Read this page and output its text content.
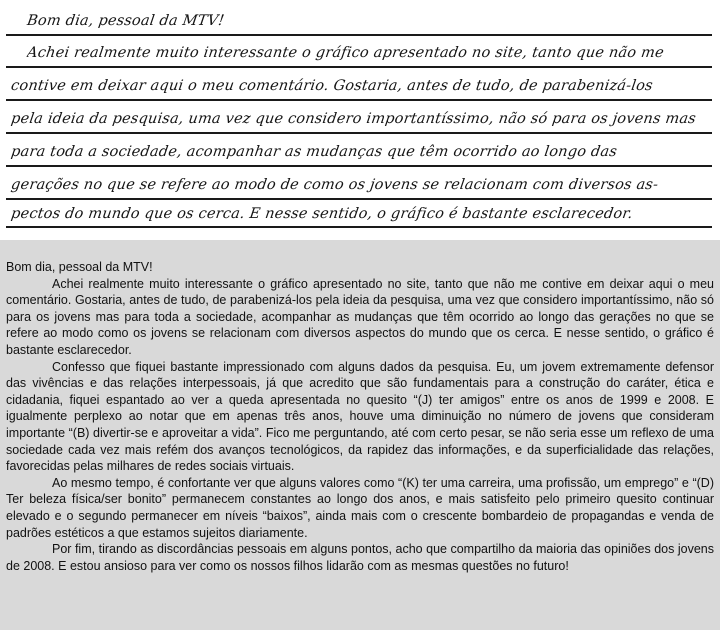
Bom dia, pessoal da MTV!
Achei realmente muito interessante o gráfico apresentado no site, tanto que não me
contive em deixar aqui o meu comentário. Gostaria, antes de tudo, de parabenizá-los
pela ideia da pesquisa, uma vez que considero importantíssimo, não só para os jovens mas
para toda a sociedade, acompanhar as mudanças que têm ocorrido ao longo das
gerações no que se refere ao modo de como os jovens se relacionam com diversos as-
pectos do mundo que os cerca. E nesse sentido, o gráfico é bastante esclarecedor.

Bom dia, pessoal da MTV!

Achei realmente muito interessante o gráfico apresentado no site, tanto que não me contive em deixar aqui o meu comentário. Gostaria, antes de tudo, de parabenizá-los pela ideia da pesquisa, uma vez que considero importantíssimo, não só para os jovens mas para toda a sociedade, acompanhar as mudanças que têm ocorrido ao longo das gerações no que se refere ao modo como os jovens se relacionam com diversos aspectos do mundo que os cerca. E nesse sentido, o gráfico é bastante esclarecedor.

Confesso que fiquei bastante impressionado com alguns dados da pesquisa. Eu, um jovem extremamente defensor das vivências e das relações interpessoais, já que acredito que são fundamentais para a construção do caráter, ética e cidadania, fiquei espantado ao ver a queda apresentada no quesito “(J) ter amigos” entre os anos de 1999 e 2008. E igualmente perplexo ao notar que em apenas três anos, houve uma diminuição no número de jovens que consideram importante “(B) divertir-se e aproveitar a vida”. Fico me perguntando, até com certo pesar, se não seria esse um reflexo de uma sociedade cada vez mais refém dos avanços tecnológicos, da rapidez das informações, e da superficialidade das relações, favorecidas pelas milhares de redes sociais virtuais.

Ao mesmo tempo, é confortante ver que alguns valores como “(K) ter uma carreira, uma profissão, um emprego” e “(D) Ter beleza física/ser bonito” permanecem constantes ao longo dos anos, e mais satisfeito pelo primeiro quesito continuar elevado e o segundo permanecer em níveis “baixos”, ainda mais com o crescente bombardeio de propagandas e venda de padrões estéticos a que estamos sujeitos diariamente.

Por fim, tirando as discordâncias pessoais em alguns pontos, acho que compartilho da maioria das opiniões dos jovens de 2008. E estou ansioso para ver como os nossos filhos lidarão com as mesmas questões no futuro!
